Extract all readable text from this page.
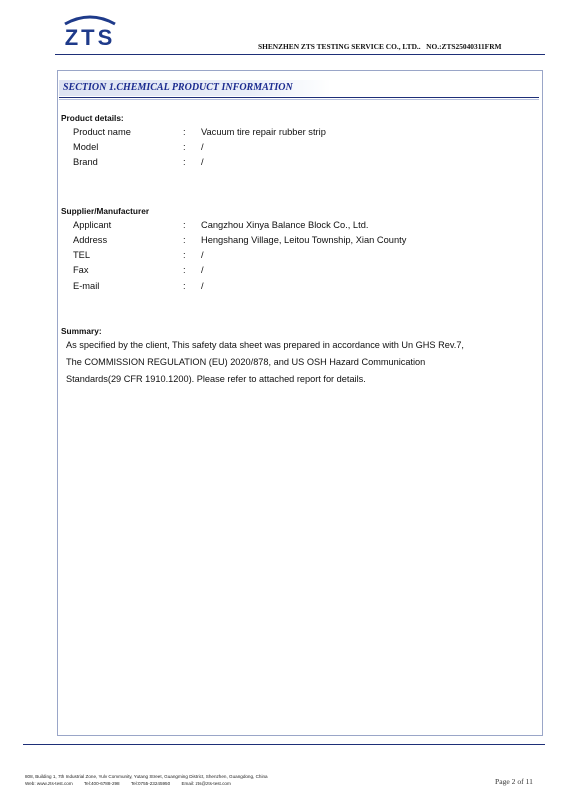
ZTS	SHENZHEN ZTS TESTING SERVICE CO., LTD.. NO.:ZTS25040311FRM
SECTION 1.CHEMICAL PRODUCT INFORMATION
Product details:
Product name	: Vacuum tire repair rubber strip
Model	: /
Brand	: /
Supplier/Manufacturer
Applicant	: Cangzhou Xinya Balance Block Co., Ltd.
Address	: Hengshang Village, Leitou Township, Xian County
TEL	: /
Fax	: /
E-mail	: /
Summary:
As specified by the client, This safety data sheet was prepared in accordance with Un GHS Rev.7,
The COMMISSION REGULATION (EU) 2020/878, and US OSH Hazard Communication
Standards(29 CFR 1910.1200). Please refer to attached report for details.
808, Building 1, 7th Industrial Zone, Yulv Community, Yutang Street, Guangming District, Shenzhen, Guangdong, China
Web: www.zts-test.com Tel:400-6788-298 Tel:0755-23245950 Email: zts@zts-test.com	Page 2 of 11
